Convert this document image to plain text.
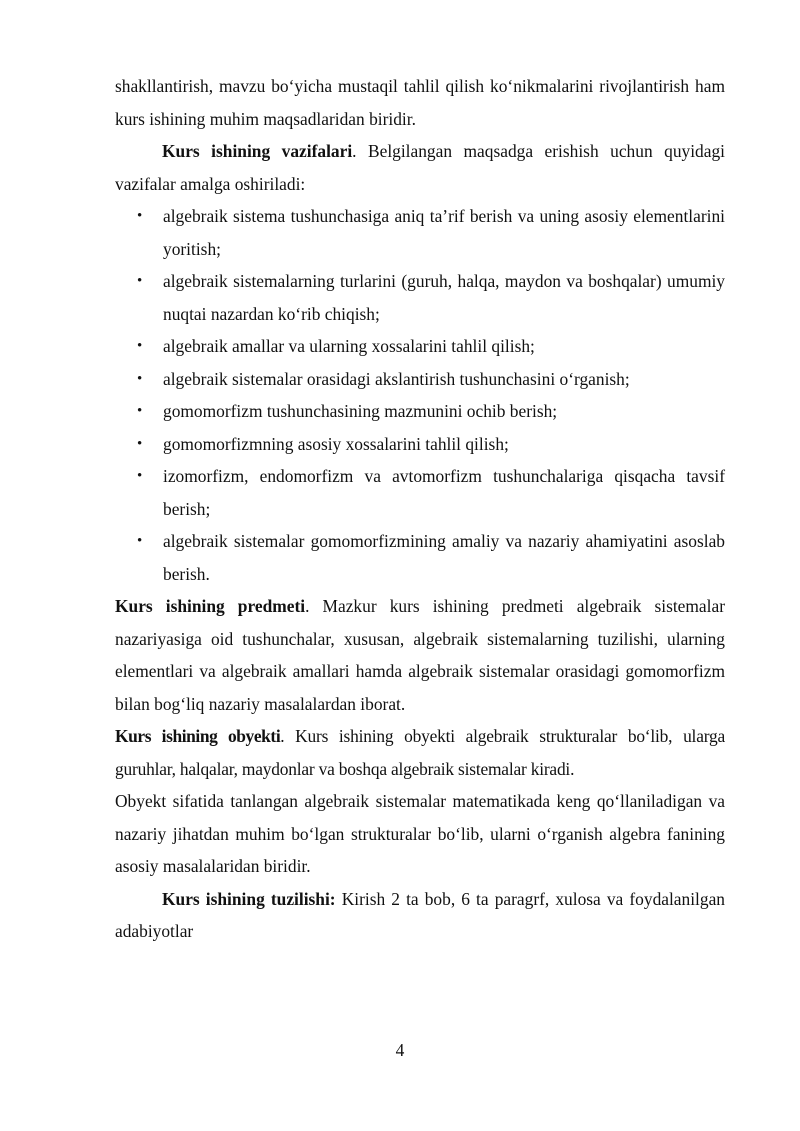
shakllantirish, mavzu bo‘yicha mustaqil tahlil qilish ko‘nikmalarini rivojlantirish ham kurs ishining muhim maqsadlaridan biridir.

Kurs ishining vazifalari. Belgilangan maqsadga erishish uchun quyidagi vazifalar amalga oshiriladi:

• algebraik sistema tushunchasiga aniq ta’rif berish va uning asosiy elementlarini yoritish;
• algebraik sistemalarning turlarini (guruh, halqa, maydon va boshqalar) umumiy nuqtai nazardan ko‘rib chiqish;
• algebraik amallar va ularning xossalarini tahlil qilish;
• algebraik sistemalar orasidagi akslantirish tushunchasini o‘rganish;
• gomomorfizm tushunchasining mazmunini ochib berish;
• gomomorfizmning asosiy xossalarini tahlil qilish;
• izomorfizm, endomorfizm va avtomorfizm tushunchalariga qisqacha tavsif berish;
• algebraik sistemalar gomomorfizmining amaliy va nazariy ahamiyatini asoslab berish.

Kurs ishining predmeti. Mazkur kurs ishining predmeti algebraik sistemalar nazariyasiga oid tushunchalar, xususan, algebraik sistemalarning tuzilishi, ularning elementlari va algebraik amallari hamda algebraik sistemalar orasidagi gomomorfizm bilan bog‘liq nazariy masalalardan iborat.

Kurs ishining obyekti. Kurs ishining obyekti algebraik strukturalar bo‘lib, ularga guruhlar, halqalar, maydonlar va boshqa algebraik sistemalar kiradi.

Obyekt sifatida tanlangan algebraik sistemalar matematikada keng qo‘llaniladigan va nazariy jihatdan muhim bo‘lgan strukturalar bo‘lib, ularni o‘rganish algebra fanining asosiy masalalaridan biridir.

Kurs ishining tuzilishi: Kirish 2 ta bob, 6 ta paragrf, xulosa va foydalanilgan adabiyotlar

4
